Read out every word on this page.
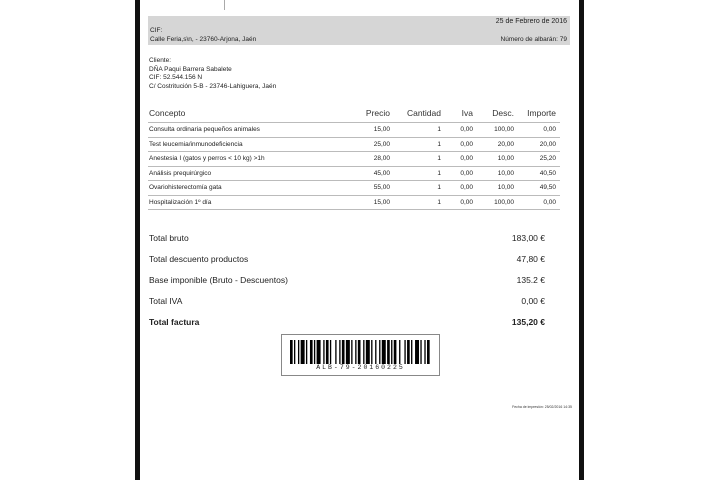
25 de Febrero de 2016
CIF:
Calle Feria,s\n, - 23760-Arjona, Jaén	Número de albarán: 79
Cliente:
DÑA Paqui Barrera Sabalete
CIF: 52.544.156 N
C/ Costritución 5-B - 23746-Lahiguera, Jaén
Concepto	Precio Cantidad Iva Desc. Importe
Consulta ordinaria pequeños animales	15,00	1	0,00	100,00	0,00
Test leucemia/inmunodeficiencia	25,00	1	0,00	20,00	20,00
Anestesia I (gatos y perros < 10 kg) >1h	28,00	1	0,00	10,00	25,20
Análisis prequirúrgico	45,00	1	0,00	10,00	40,50
Ovariohisterectomía gata	55,00	1	0,00	10,00	49,50
Hospitalización 1º día	15,00	1	0,00	100,00	0,00
Total bruto	183,00 €
Total descuento productos	47,80 €
Base imponible (Bruto - Descuentos)	135.2 €
Total IVA	0,00 €
Total factura	135,20 €
ALB-79-20160225
Fecha de impresión: 25/02/2016 14:35
